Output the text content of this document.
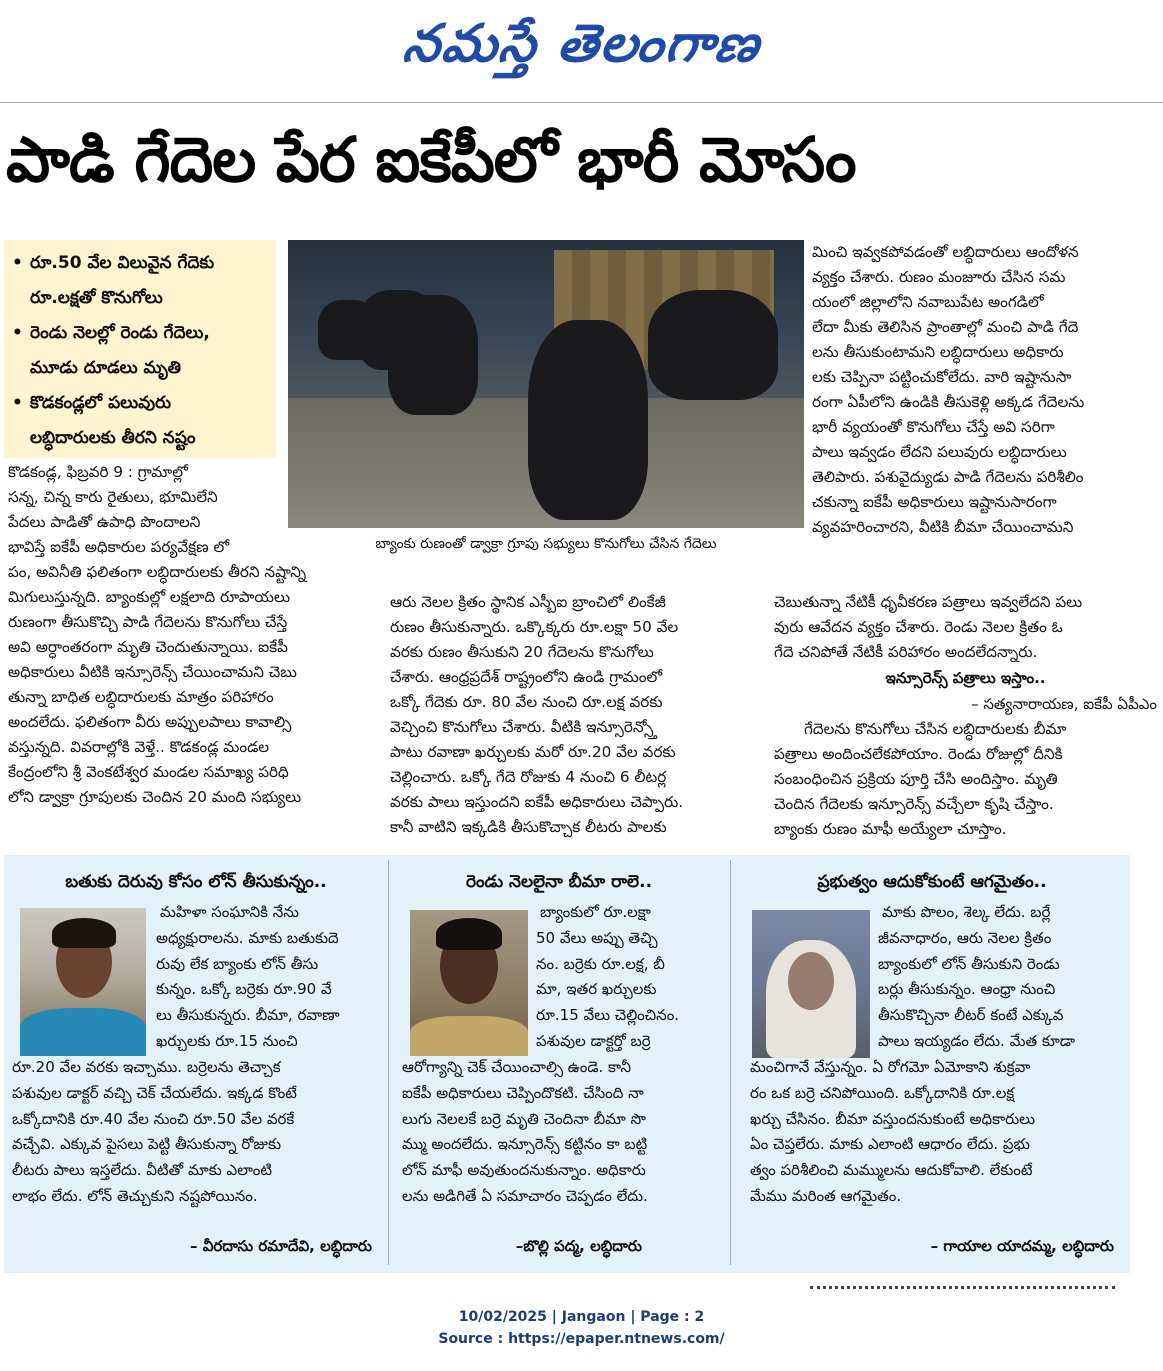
నమస్తే తెలంగాణ
పాడి గేదెల పేర ఐకేపీలో భారీ మోసం
• రూ.50 వేల విలువైన గేదెకు
రూ.లక్షతో కొనుగోలు
• రెండు నెలల్లో రెండు గేదెలు,
మూడు దూడలు మృతి
• కొడకండ్లలో పలువురు
లబ్ధిదారులకు తీరని నష్టం
బ్యాంకు రుణంతో డ్వాక్రా గ్రూపు సభ్యులు కొనుగోలు చేసిన గేదెలు

కొడకండ్ల, ఫిబ్రవరి 9 : గ్రామాల్లో

సన్న, చిన్న కారు రైతులు, భూమిలేని

పేదలు పాడితో ఉపాధి పొందాలని

భావిస్తే ఐకేపీ అధికారుల పర్యవేక్షణ లో

పం, అవినీతి ఫలితంగా లబ్ధిదారులకు తీరని నష్టాన్ని

మిగులుస్తున్నది. బ్యాంకుల్లో లక్షలాది రూపాయలు

రుణంగా తీసుకొచ్చి పాడి గేదెలను కొనుగోలు చేస్తే

అవి అర్ధాంతరంగా మృతి చెందుతున్నాయి. ఐకేపీ

అధికారులు వీటికి ఇన్సూరెన్స్ చేయించామని చెబు

తున్నా బాధిత లబ్ధిదారులకు మాత్రం పరిహారం

అందలేదు. ఫలితంగా వీరు అప్పులపాలు కావాల్సి

వస్తున్నది. వివరాల్లోకి వెళ్తే.. కొడకండ్ల మండల

కేంద్రంలోని శ్రీ వెంకటేశ్వర మండల సమాఖ్య పరిధి

లోని డ్వాక్రా గ్రూపులకు చెందిన 20 మంది సభ్యులు

ఆరు నెలల క్రితం స్థానిక ఎస్బీఐ బ్రాంచిలో లింకేజీ

రుణం తీసుకున్నారు. ఒక్కొక్కరు రూ.లక్షా 50 వేల

వరకు రుణం తీసుకుని 20 గేదెలను కొనుగోలు

చేశారు. ఆంధ్రప్రదేశ్ రాష్ట్రంలోని ఉండి గ్రామంలో

ఒక్కో గేదెకు రూ. 80 వేల నుంచి రూ.లక్ష వరకు

వెచ్చించి కొనుగోలు చేశారు. వీటికి ఇన్సూరెన్స్తో

పాటు రవాణా ఖర్చులకు మరో రూ.20 వేల వరకు

చెల్లించారు. ఒక్కో గేదె రోజుకు 4 నుంచి 6 లీటర్ల

వరకు పాలు ఇస్తుందని ఐకేపీ అధికారులు చెప్పారు.

కానీ వాటిని ఇక్కడికి తీసుకొచ్చాక లీటరు పాలకు

మించి ఇవ్వకపోవడంతో లబ్ధిదారులు ఆందోళన

వ్యక్తం చేశారు. రుణం మంజూరు చేసిన సమ

యంలో జిల్లాలోని నవాబుపేట అంగడిలో

లేదా మీకు తెలిసిన ప్రాంతాల్లో మంచి పాడి గేదె

లను తీసుకుంటామని లబ్ధిదారులు అధికారు

లకు చెప్పినా పట్టించుకోలేదు. వారి ఇష్టానుసా

రంగా ఏపీలోని ఉండికి తీసుకెళ్లి అక్కడ గేదెలను

భారీ వ్యయంతో కొనుగోలు చేస్తే అవి సరిగా

పాలు ఇవ్వడం లేదని పలువురు లబ్ధిదారులు

తెలిపారు. పశువైద్యుడు పాడి గేదెలను పరిశీలిం

చకున్నా ఐకేపీ అధికారులు ఇష్టానుసారంగా

వ్యవహరించారని, వీటికి బీమా చేయించామని

చెబుతున్నా నేటికీ ధృవీకరణ పత్రాలు ఇవ్వలేదని పలు

వురు ఆవేదన వ్యక్తం చేశారు. రెండు నెలల క్రితం ఓ

గేదె చనిపోతే నేటికీ పరిహారం అందలేదన్నారు.

ఇన్సూరెన్స్ పత్రాలు ఇస్తాం..
– సత్యనారాయణ, ఐకేపీ ఏపీఎం

గేదెలను కొనుగోలు చేసిన లబ్ధిదారులకు బీమా

పత్రాలు అందించలేకపోయాం. రెండు రోజుల్లో దీనికి

సంబంధించిన ప్రక్రియ పూర్తి చేసి అందిస్తాం. మృతి

చెందిన గేదెలకు ఇన్సూరెన్స్ వచ్చేలా కృషి చేస్తాం.

బ్యాంకు రుణం మాఫీ అయ్యేలా చూస్తాం.

బతుకు దెరువు కోసం లోన్ తీసుకున్నం..

మహిళా సంఘానికి నేను

అధ్యక్షురాలను. మాకు బతుకుదె

రువు లేక బ్యాంకు లోన్ తీసు

కున్నం. ఒక్కో బర్రెకు రూ.90 వే

లు తీసుకున్నరు. బీమా, రవాణా

ఖర్చులకు రూ.15 నుంచి

రూ.20 వేల వరకు ఇచ్చాము. బర్రెలను తెచ్చాక

పశువుల డాక్టర్ వచ్చి చెక్ చేయలేదు. ఇక్కడ కొంటే

ఒక్కోదానికి రూ.40 వేల నుంచి రూ.50 వేల వరకే

వచ్చేవి. ఎక్కువ పైసలు పెట్టి తీసుకున్నా రోజుకు

లీటరు పాలు ఇస్తలేదు. వీటితో మాకు ఎలాంటి

లాభం లేదు. లోన్ తెచ్చుకుని నష్టపోయినం.

– వీరదాసు రమాదేవి, లబ్ధిదారు
రెండు నెలలైనా బీమా రాలె..

బ్యాంకులో రూ.లక్షా

50 వేలు అప్పు తెచ్చి

నం. బర్రెకు రూ.లక్ష, బీ

మా, ఇతర ఖర్చులకు

రూ.15 వేలు చెల్లించినం.

పశువుల డాక్టర్తో బర్రె

ఆరోగ్యాన్ని చెక్ చేయించాల్సి ఉండె. కానీ

ఐకేపీ అధికారులు చెప్పిందొకటి. చేసింది నా

లుగు నెలలకే బర్రె మృతి చెందినా బీమా సొ

మ్ము అందలేదు. ఇన్సూరెన్స్ కట్టినం కా బట్టి

లోన్ మాఫీ అవుతుందనుకున్నాం. అధికారు

లను అడిగితే ఏ సమాచారం చెప్పడం లేదు.

–బొల్లి పద్మ, లబ్ధిదారు
ప్రభుత్వం ఆదుకోకుంటే ఆగమైతం..

మాకు పొలం, శెల్క లేదు. బర్లే

జీవనాధారం, ఆరు నెలల క్రితం

బ్యాంకులో లోన్ తీసుకుని రెండు

బర్లు తీసుకున్నం. ఆంధ్రా నుంచి

తీసుకొచ్చినా లీటర్ కంటే ఎక్కువ

పాలు ఇయ్యడం లేదు. మేత కూడా

మంచిగానే వేస్తున్నం. ఏ రోగమో ఏమోకాని శుక్రవా

రం ఒక బర్రె చనిపోయింది. ఒక్కోదానికి రూ.లక్ష

ఖర్చు చేసినం. బీమా వస్తుందనుకుంటే అధికారులు

ఏం చెప్తలేరు. మాకు ఎలాంటి ఆధారం లేదు. ప్రభు

త్వం పరిశీలించి మమ్ములను ఆదుకోవాలి. లేకుంటే

మేము మరింత ఆగమైతం.

– గాయాల యాదమ్మ, లబ్ధిదారు
10/02/2025 | Jangaon | Page : 2
Source : https://epaper.ntnews.com/
